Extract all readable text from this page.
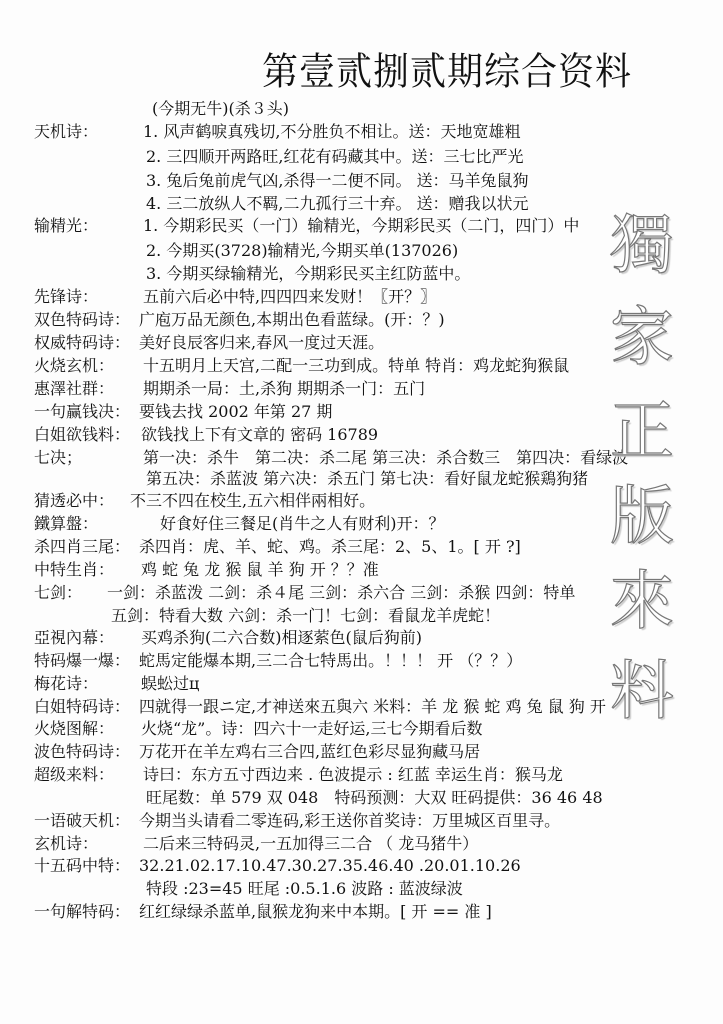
第壹贰捌贰期综合资料
(今期无牛)(杀３头)
天机诗：	1. 风声鹤唳真残切,不分胜负不相让。送：天地宽雄粗
2. 三四顺开两路旺,红花有码藏其中。送：三七比严光
3. 兔后兔前虎气凶,杀得一二便不同。 送：马羊兔鼠狗
4. 三二放纵人不羁,二九孤行三十弃。 送：赠我以状元
输精光：	1. 今期彩民买（一门）输精光，今期彩民买（二门，四门）中
2. 今期买(3728)输精光,今期买单(137026)
3. 今期买绿输精光，今期彩民买主红防蓝中。
先锋诗：	五前六后必中特,四四四来发财！〖开？〗
双色特码诗： 广庖万品无颜色,本期出色看蓝绿。(开：？)
权威特码诗： 美好良辰客归来,春风一度过天涯。
火烧玄机： 十五明月上天宫,二配一三功到成。特单 特肖：鸡龙蛇狗猴鼠
惠澤社群： 期期杀一局：土,杀狗 期期杀一门：五门
一句赢钱决： 要钱去找 2002 年第 27 期
白姐欲钱料： 欲钱找上下有文章的 密码 16789
七决；	第一决：杀牛　第二决：杀二尾 第三决：杀合数三　第四决：看绿波
第五决：杀蓝波 第六决：杀五门 第七决：看好鼠龙蛇猴鶏狗猪
猜透必中： 不三不四在校生,五六相伴兩相好。
鐵算盤：	好食好住三餐足(肖牛之人有财利)开：？
杀四肖三尾： 杀四肖：虎、羊、蛇、鸡。杀三尾：2、5、1。[ 开 ?]
中特生肖： 鸡 蛇 兔 龙 猴 鼠 羊 狗 开 ？？准
七剑： 一剑：杀蓝泼 二剑：杀４尾 三剑：杀六合 三剑：杀猴 四剑：特单
五剑：特看大数 六剑：杀一门！七剑：看鼠龙羊虎蛇！
亞視內幕： 买鸡杀狗(二六合数)相逐萦色(鼠后狗前)
特码爆一爆： 蛇馬定能爆本期,三二合七特馬出。！！！ 开 （？？）
梅花诗：	蜈蚣过ц
白姐特码诗： 四就得一跟ニ定,才神送來五與六 米料：羊 龙 猴 蛇 鸡 兔 鼠 狗 开
火烧图解： 火烧“龙”。诗：四六十一走好运,三七今期看后数
波色特码诗： 万花开在羊左鸡右三合四,蓝红色彩尽显狗藏马居
超级来料： 诗曰：东方五寸西边来 . 色波提示 : 红蓝 幸运生肖：猴马龙
旺尾数：单 579 双 048　特码预测：大双 旺码提供：36 46 48
一语破天机： 今期当头请看二零连码,彩王送你首奖诗：万里城区百里寻。
玄机诗：	二后来三特码灵,一五加得三二合 （ 龙马猪牛）
十五码中特： 32.21.02.17.10.47.30.27.35.46.40 .20.01.10.26
特段 :23=45 旺尾 :0.5.1.6 波路 : 蓝波绿波
一句解特码： 红红绿绿杀蓝单,鼠猴龙狗来中本期。[ 开 == 准 ]
獨
家
正
版
來
料
